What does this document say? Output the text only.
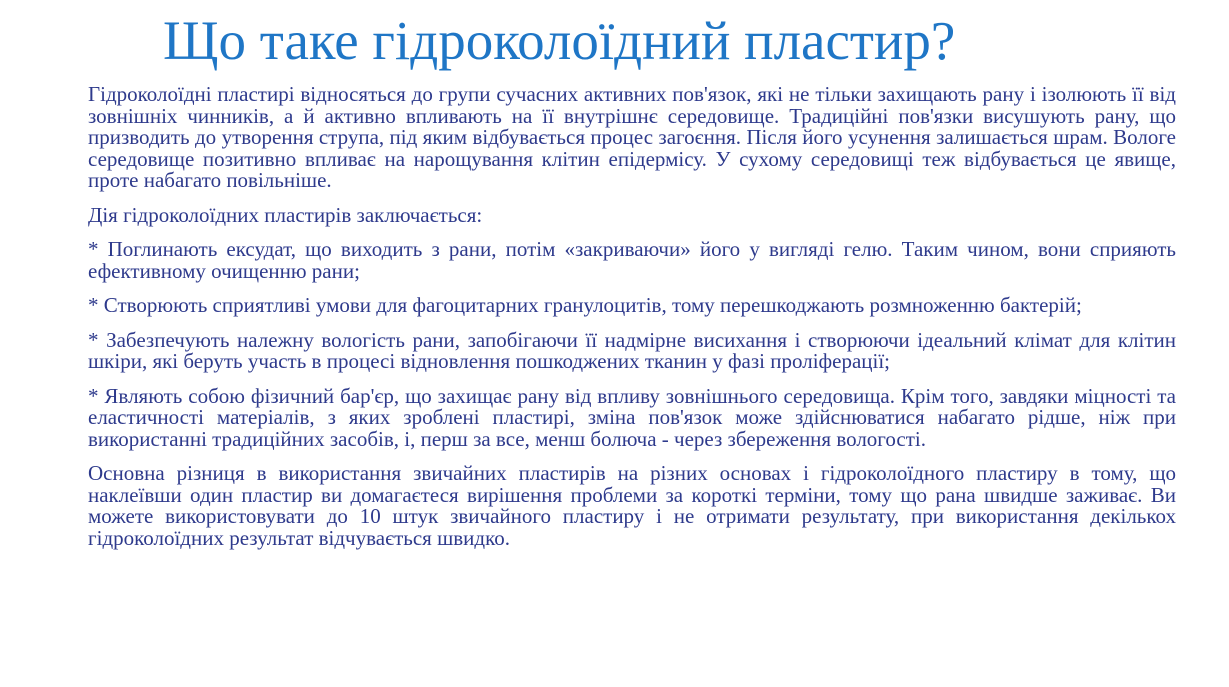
Що таке гідроколоїдний пластир?

Гідроколоїдні пластирі відносяться до групи сучасних активних пов'язок, які не тільки захищають рану і ізолюють її від зовнішніх чинників, а й активно впливають на її внутрішнє середовище. Традиційні пов'язки висушують рану, що призводить до утворення струпа, під яким відбувається процес загоєння. Після його усунення залишається шрам. Вологе середовище позитивно впливає на нарощування клітин епідермісу. У сухому середовищі теж відбувається це явище, проте набагато повільніше.

Дія гідроколоїдних пластирів заключається:

* Поглинають ексудат, що виходить з рани, потім «закриваючи» його у вигляді гелю. Таким чином, вони сприяють ефективному очищенню рани;

* Створюють сприятливі умови для фагоцитарних гранулоцитів, тому перешкоджають розмноженню бактерій;

* Забезпечують належну вологість рани, запобігаючи її надмірне висихання і створюючи ідеальний клімат для клітин шкіри, які беруть участь в процесі відновлення пошкоджених тканин у фазі проліферації;

* Являють собою фізичний бар'єр, що захищає рану від впливу зовнішнього середовища. Крім того, завдяки міцності та еластичності матеріалів, з яких зроблені пластирі, зміна пов'язок може здійснюватися набагато рідше, ніж при використанні традиційних засобів, і, перш за все, менш болюча - через збереження вологості.

Основна різниця в використання звичайних пластирів на різних основах і гідроколоїдного пластиру в тому, що наклеївши один пластир ви домагаєтеся вирішення проблеми за короткі терміни, тому що рана швидше заживає. Ви можете використовувати до 10 штук звичайного пластиру і не отримати результату, при використання декількох гідроколоїдних результат відчувається швидко.
